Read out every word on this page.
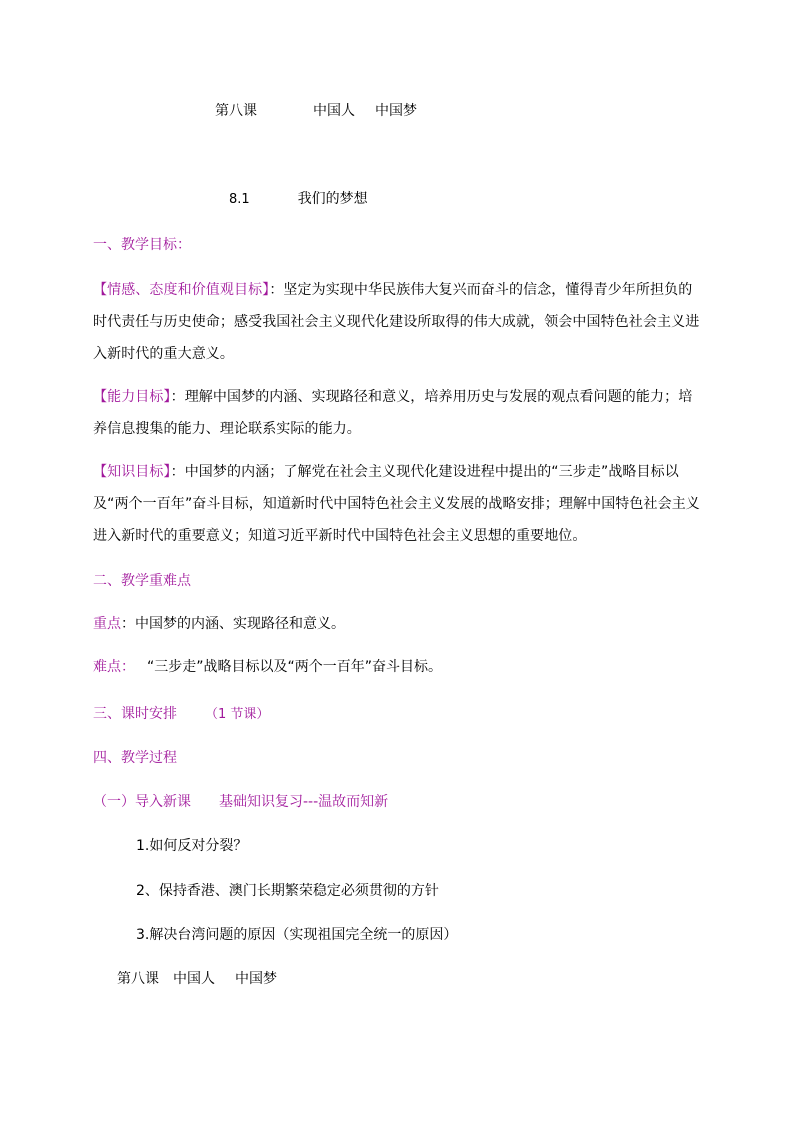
第八课	中国人 中国梦
8.1	我们的梦想
一、教学目标：
【情感、态度和价值观目标】：坚定为实现中华民族伟大复兴而奋斗的信念，懂得青少年所担负的时代责任与历史使命；感受我国社会主义现代化建设所取得的伟大成就，领会中国特色社会主义进入新时代的重大意义。
【能力目标】：理解中国梦的内涵、实现路径和意义，培养用历史与发展的观点看问题的能力；培养信息搜集的能力、理论联系实际的能力。
【知识目标】：中国梦的内涵；了解党在社会主义现代化建设进程中提出的“三步走”战略目标以及“两个一百年”奋斗目标，知道新时代中国特色社会主义发展的战略安排；理解中国特色社会主义进入新时代的重要意义；知道习近平新时代中国特色社会主义思想的重要地位。
二、教学重难点
重点：中国梦的内涵、实现路径和意义。
难点： “三步走”战略目标以及“两个一百年”奋斗目标。
三、课时安排 （1 节课）
四、教学过程
（一）导入新课 基础知识复习---温故而知新
1.如何反对分裂？
2、保持香港、澳门长期繁荣稳定必须贯彻的方针
3.解决台湾问题的原因（实现祖国完全统一的原因）
第八课 中国人 中国梦
